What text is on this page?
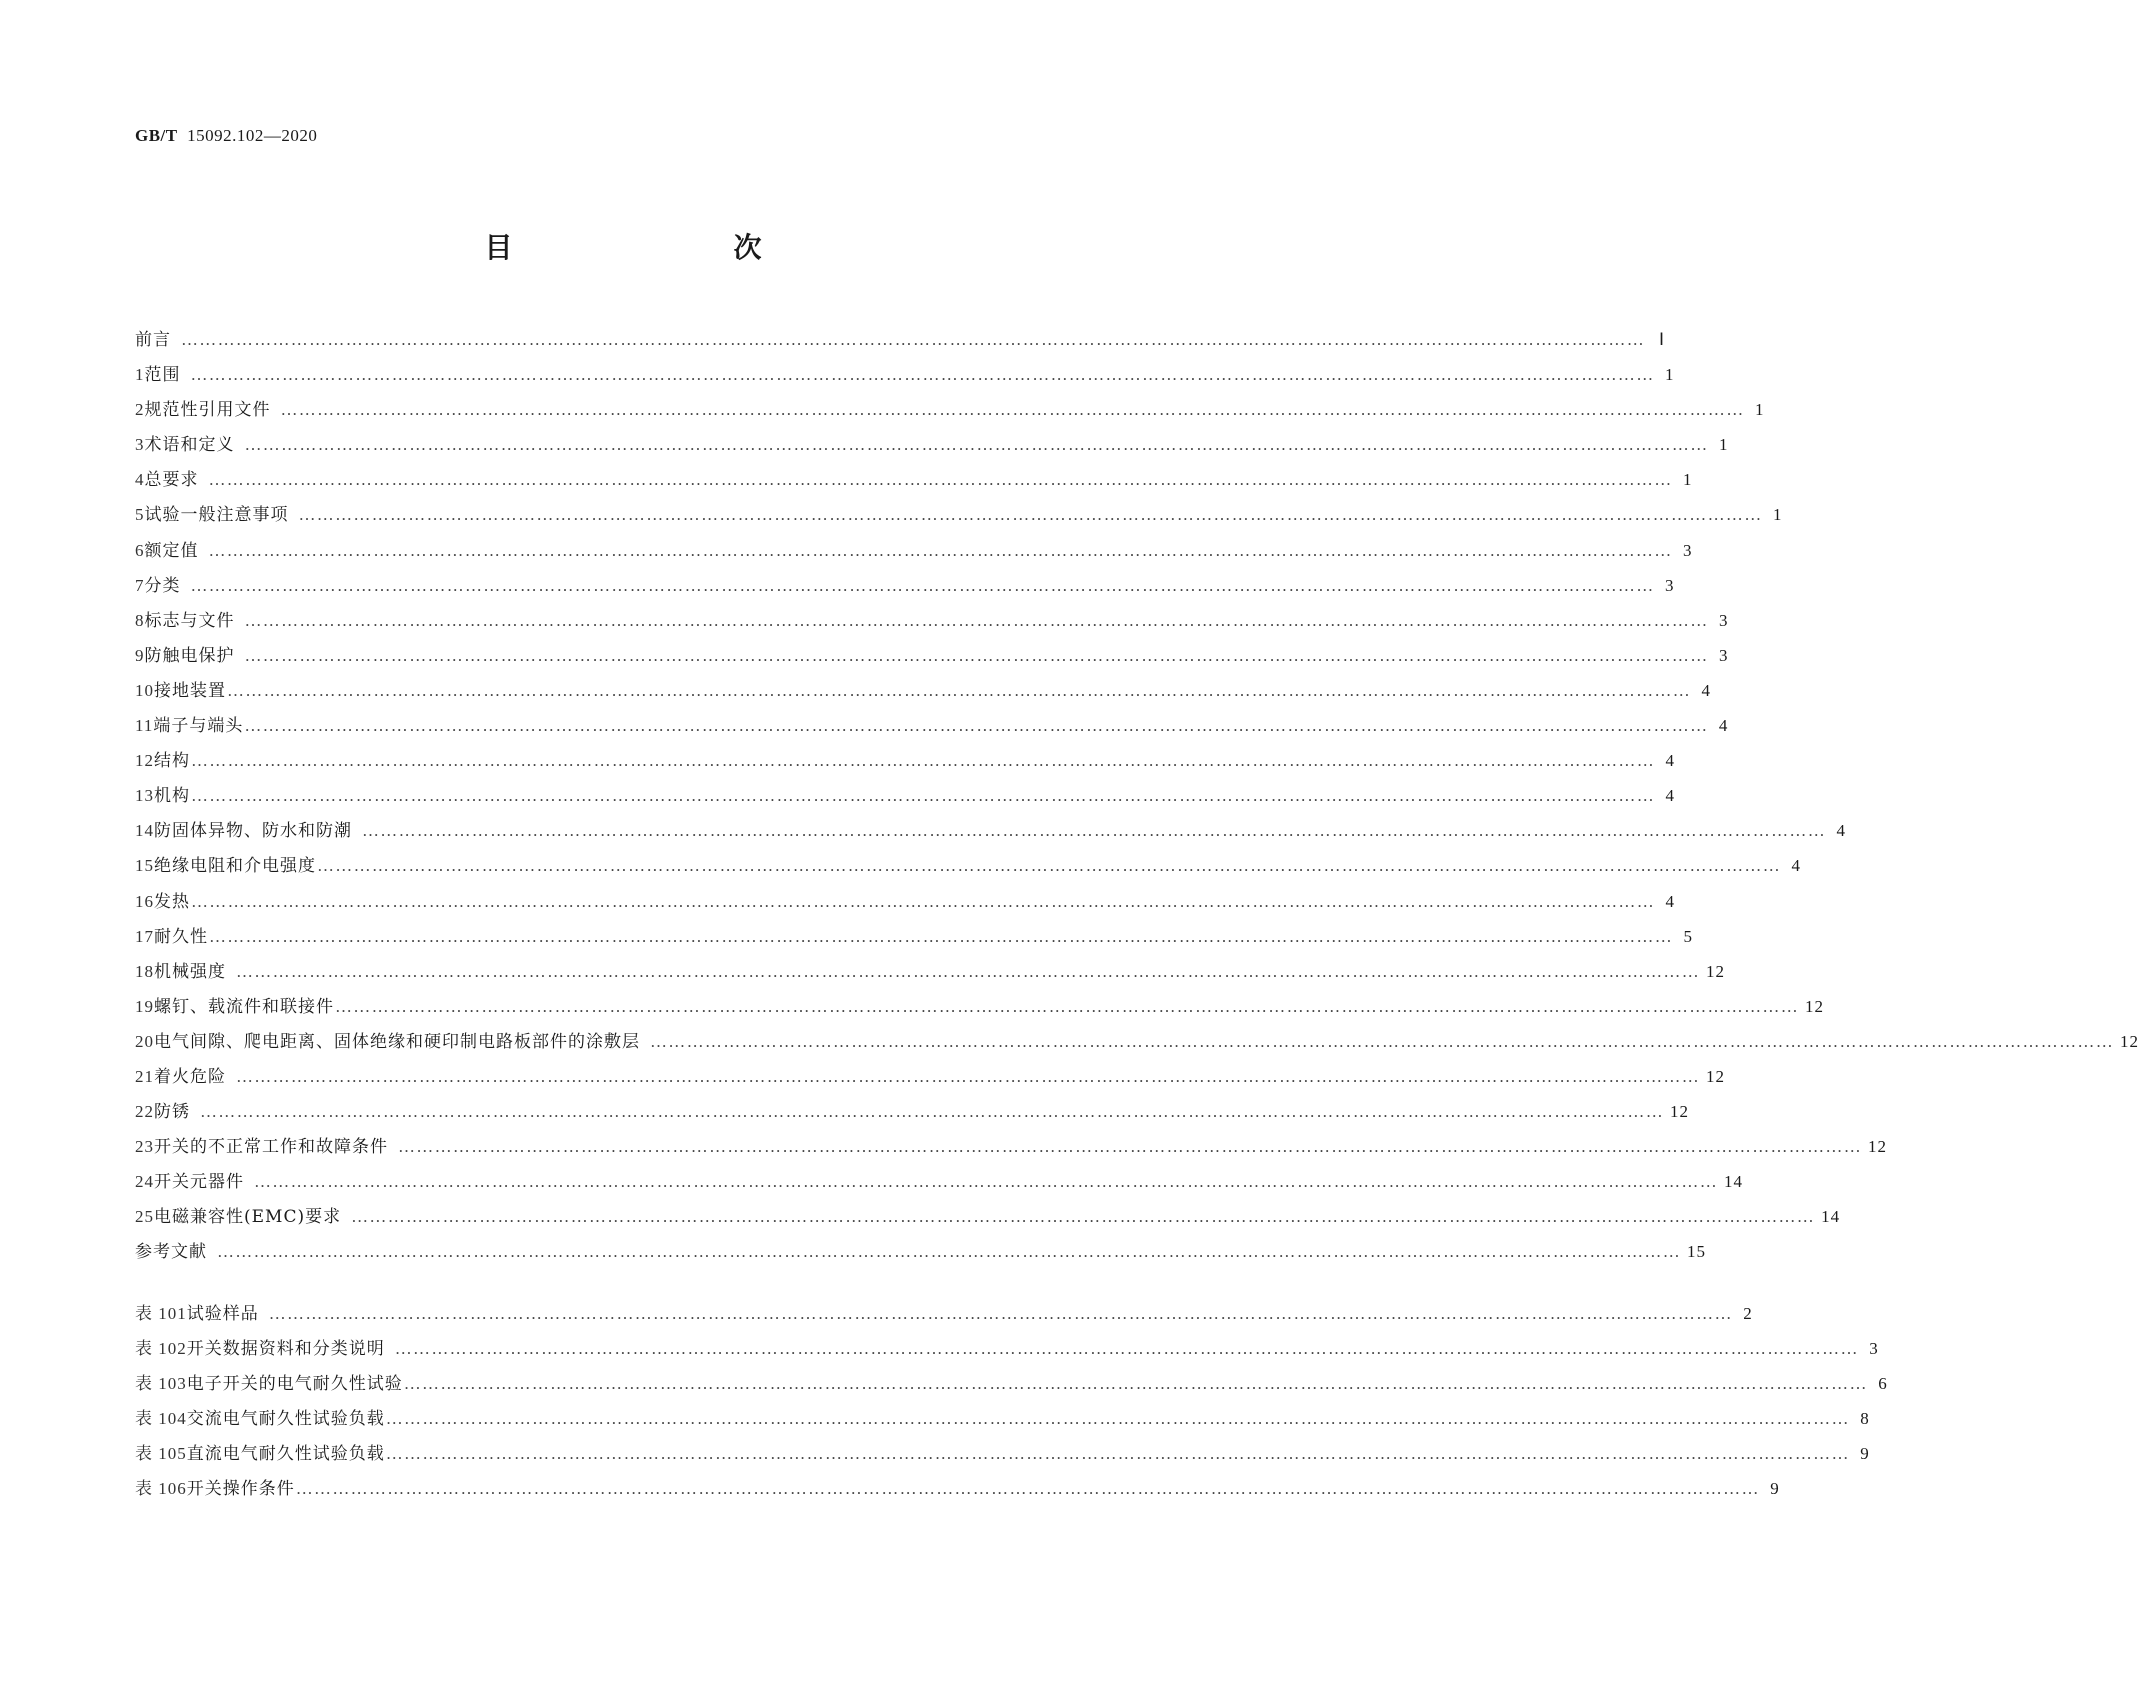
GB/T 15092.102—2020
目　　次
前言 …………………………………………………………………………………………………………………………………………………………………………………………………………………… Ⅰ
1 范围 …………………………………………………………………………………………………………………………………………………………………………………………………………………… 1
2 规范性引用文件 …………………………………………………………………………………………………………………………………………………………………………………………………………………… 1
3 术语和定义 …………………………………………………………………………………………………………………………………………………………………………………………………………………… 1
4 总要求 …………………………………………………………………………………………………………………………………………………………………………………………………………………… 1
5 试验一般注意事项 …………………………………………………………………………………………………………………………………………………………………………………………………………………… 1
6 额定值 …………………………………………………………………………………………………………………………………………………………………………………………………………………… 3
7 分类 …………………………………………………………………………………………………………………………………………………………………………………………………………………… 3
8 标志与文件 …………………………………………………………………………………………………………………………………………………………………………………………………………………… 3
9 防触电保护 …………………………………………………………………………………………………………………………………………………………………………………………………………………… 3
10 接地装置 …………………………………………………………………………………………………………………………………………………………………………………………………………………… 4
11 端子与端头 …………………………………………………………………………………………………………………………………………………………………………………………………………………… 4
12 结构 …………………………………………………………………………………………………………………………………………………………………………………………………………………… 4
13 机构 …………………………………………………………………………………………………………………………………………………………………………………………………………………… 4
14 防固体异物、防水和防潮 …………………………………………………………………………………………………………………………………………………………………………………………………………………… 4
15 绝缘电阻和介电强度 …………………………………………………………………………………………………………………………………………………………………………………………………………………… 4
16 发热 …………………………………………………………………………………………………………………………………………………………………………………………………………………… 4
17 耐久性 …………………………………………………………………………………………………………………………………………………………………………………………………………………… 5
18 机械强度 …………………………………………………………………………………………………………………………………………………………………………………………………………………… 12
19 螺钉、载流件和联接件 …………………………………………………………………………………………………………………………………………………………………………………………………………………… 12
20 电气间隙、爬电距离、固体绝缘和硬印制电路板部件的涂敷层 …………………………………………………………………………………………………………………………………………………………………………………………………………………… 12
21 着火危险 …………………………………………………………………………………………………………………………………………………………………………………………………………………… 12
22 防锈 …………………………………………………………………………………………………………………………………………………………………………………………………………………… 12
23 开关的不正常工作和故障条件 …………………………………………………………………………………………………………………………………………………………………………………………………………………… 12
24 开关元器件 …………………………………………………………………………………………………………………………………………………………………………………………………………………… 14
25 电磁兼容性(EMC)要求 …………………………………………………………………………………………………………………………………………………………………………………………………………………… 14
参考文献 …………………………………………………………………………………………………………………………………………………………………………………………………………………… 15
表 101 试验样品 …………………………………………………………………………………………………………………………………………………………………………………………………………………… 2
表 102 开关数据资料和分类说明 …………………………………………………………………………………………………………………………………………………………………………………………………………………… 3
表 103 电子开关的电气耐久性试验 …………………………………………………………………………………………………………………………………………………………………………………………………………………… 6
表 104 交流电气耐久性试验负载 …………………………………………………………………………………………………………………………………………………………………………………………………………………… 8
表 105 直流电气耐久性试验负载 …………………………………………………………………………………………………………………………………………………………………………………………………………………… 9
表 106 开关操作条件 …………………………………………………………………………………………………………………………………………………………………………………………………………………… 9
